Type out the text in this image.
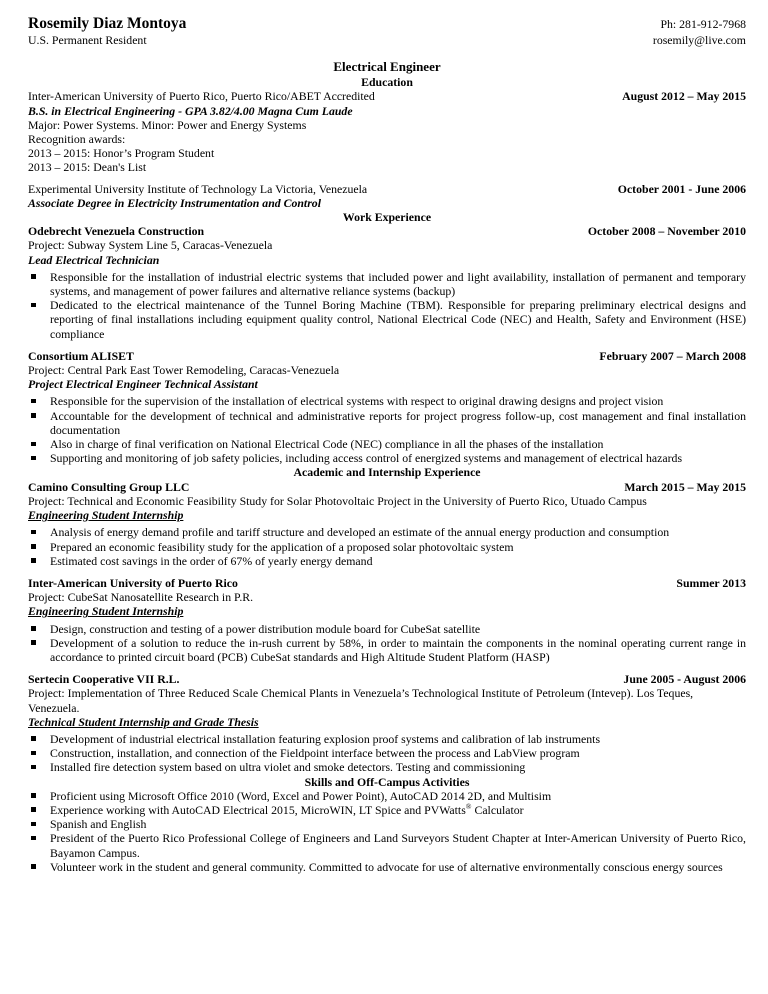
Rosemily Diaz Montoya	Ph: 281-912-7968
U.S. Permanent Resident	rosemily@live.com
Electrical Engineer
Education
Inter-American University of Puerto Rico, Puerto Rico/ABET Accredited	August 2012 – May 2015
B.S. in Electrical Engineering - GPA 3.82/4.00 Magna Cum Laude
Major: Power Systems. Minor: Power and Energy Systems
Recognition awards:
2013 – 2015: Honor’s Program Student
2013 – 2015: Dean's List
Experimental University Institute of Technology La Victoria, Venezuela	October 2001 - June 2006
Associate Degree in Electricity Instrumentation and Control
Work Experience
Odebrecht Venezuela Construction	October 2008 – November 2010
Project: Subway System Line 5, Caracas-Venezuela
Lead Electrical Technician
Responsible for the installation of industrial electric systems that included power and light availability, installation of permanent and temporary systems, and management of power failures and alternative reliance systems (backup)
Dedicated to the electrical maintenance of the Tunnel Boring Machine (TBM). Responsible for preparing preliminary electrical designs and reporting of final installations including equipment quality control, National Electrical Code (NEC) and Health, Safety and Environment (HSE) compliance
Consortium ALISET	February 2007 – March 2008
Project: Central Park East Tower Remodeling, Caracas-Venezuela
Project Electrical Engineer Technical Assistant
Responsible for the supervision of the installation of electrical systems with respect to original drawing designs and project vision
Accountable for the development of technical and administrative reports for project progress follow-up, cost management and final installation documentation
Also in charge of final verification on National Electrical Code (NEC) compliance in all the phases of the installation
Supporting and monitoring of job safety policies, including access control of energized systems and management of electrical hazards
Academic and Internship Experience
Camino Consulting Group LLC	March 2015 – May 2015
Project: Technical and Economic Feasibility Study for Solar Photovoltaic Project in the University of Puerto Rico, Utuado Campus
Engineering Student Internship
Analysis of energy demand profile and tariff structure and developed an estimate of the annual energy production and consumption
Prepared an economic feasibility study for the application of a proposed solar photovoltaic system
Estimated cost savings in the order of 67% of yearly energy demand
Inter-American University of Puerto Rico	Summer 2013
Project: CubeSat Nanosatellite Research in P.R.
Engineering Student Internship
Design, construction and testing of a power distribution module board for CubeSat satellite
Development of a solution to reduce the in-rush current by 58%, in order to maintain the components in the nominal operating current range in accordance to printed circuit board (PCB) CubeSat standards and High Altitude Student Platform (HASP)
Sertecin Cooperative VII R.L.	June 2005 - August 2006
Project: Implementation of Three Reduced Scale Chemical Plants in Venezuela’s Technological Institute of Petroleum (Intevep). Los Teques, Venezuela.
Technical Student Internship and Grade Thesis
Development of industrial electrical installation featuring explosion proof systems and calibration of lab instruments
Construction, installation, and connection of the Fieldpoint interface between the process and LabView program
Installed fire detection system based on ultra violet and smoke detectors. Testing and commissioning
Skills and Off-Campus Activities
Proficient using Microsoft Office 2010 (Word, Excel and Power Point), AutoCAD 2014 2D, and Multisim
Experience working with AutoCAD Electrical 2015, MicroWIN, LT Spice and PVWatts® Calculator
Spanish and English
President of the Puerto Rico Professional College of Engineers and Land Surveyors Student Chapter at Inter-American University of Puerto Rico, Bayamon Campus.
Volunteer work in the student and general community. Committed to advocate for use of alternative environmentally conscious energy sources
